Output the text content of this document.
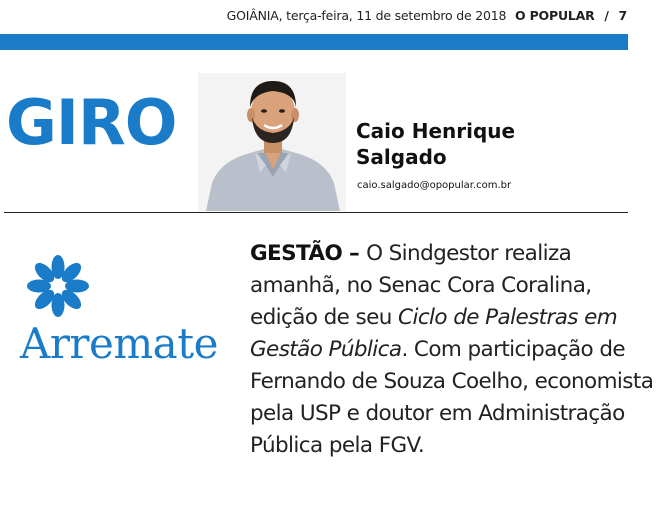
GOIÂNIA, terça-feira, 11 de setembro de 2018 O POPULAR / 7
GIRO	Caio Henrique Salgado
caio.salgado@opopular.com.br
Arremate
GESTÃO – O Sindgestor realiza amanhã, no Senac Cora Coralina, edição de seu Ciclo de Palestras em Gestão Pública. Com participação de Fernando de Souza Coelho, economista pela USP e doutor em Administração Pública pela FGV.
